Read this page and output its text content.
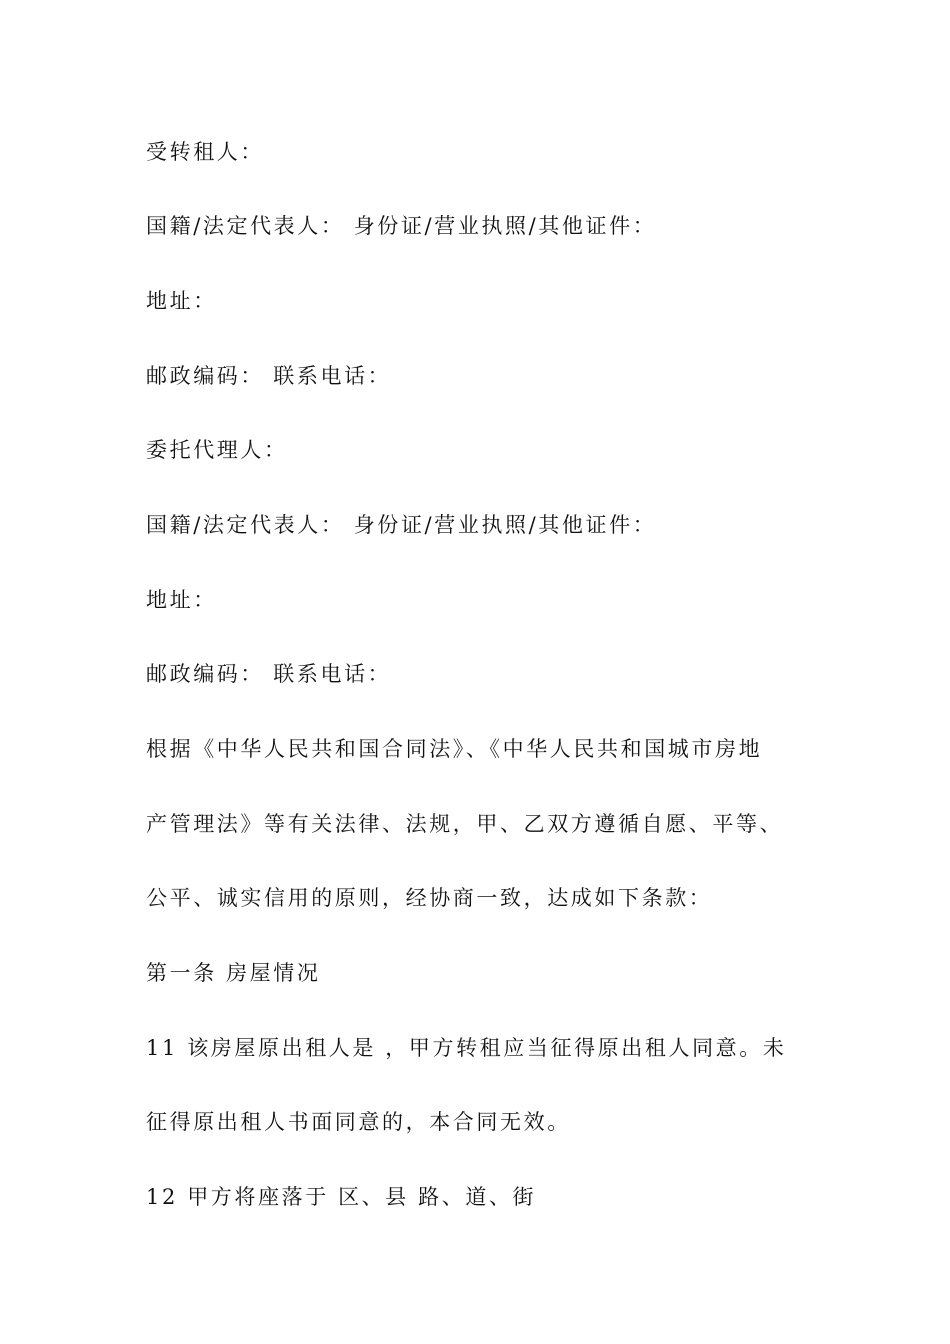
受转租人：
国籍/法定代表人： 身份证/营业执照/其他证件：
地址：
邮政编码： 联系电话：
委托代理人：
国籍/法定代表人： 身份证/营业执照/其他证件：
地址：
邮政编码： 联系电话：
根据《中华人民共和国合同法》、《中华人民共和国城市房地
产管理法》等有关法律、法规，甲、乙双方遵循自愿、平等、
公平、诚实信用的原则，经协商一致，达成如下条款：
第一条 房屋情况
11 该房屋原出租人是 ，甲方转租应当征得原出租人同意。未
征得原出租人书面同意的，本合同无效。
12 甲方将座落于 区、县 路、道、街
